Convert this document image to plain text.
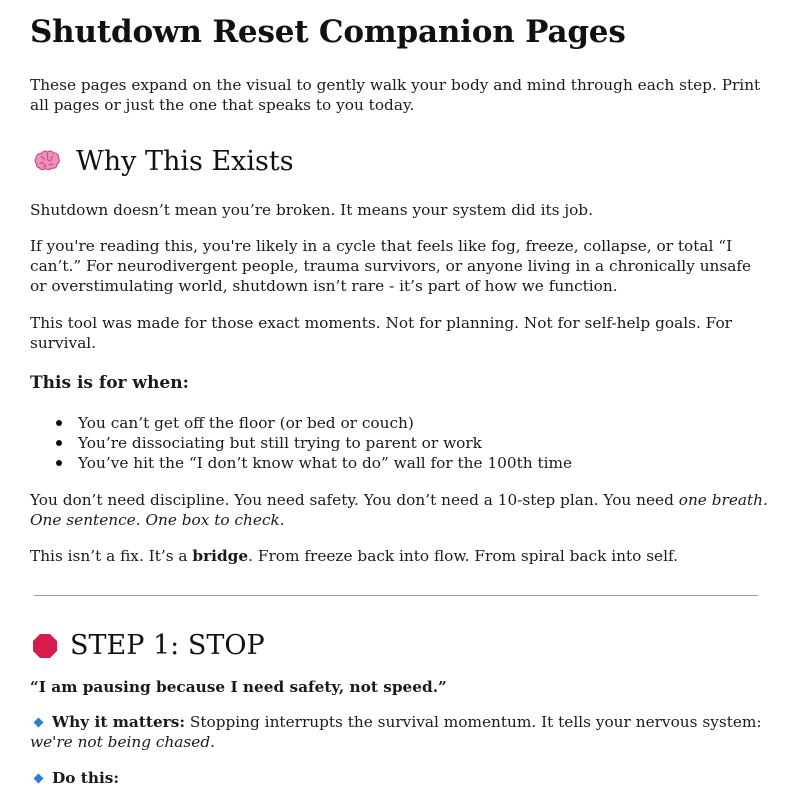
Shutdown Reset Companion Pages

These pages expand on the visual to gently walk your body and mind through each step. Print all pages or just the one that speaks to you today.

Why This Exists

Shutdown doesn’t mean you’re broken. It means your system did its job.

If you're reading this, you're likely in a cycle that feels like fog, freeze, collapse, or total “I can’t.” For neurodivergent people, trauma survivors, or anyone living in a chronically unsafe or overstimulating world, shutdown isn’t rare - it’s part of how we function.

This tool was made for those exact moments. Not for planning. Not for self-help goals. For survival.

This is for when:
You can’t get off the floor (or bed or couch)
You’re dissociating but still trying to parent or work
You’ve hit the “I don’t know what to do” wall for the 100th time

You don’t need discipline. You need safety. You don’t need a 10-step plan. You need one breath. One sentence. One box to check.

This isn’t a fix. It’s a bridge. From freeze back into flow. From spiral back into self.

STEP 1: STOP

“I am pausing because I need safety, not speed.”

Why it matters: Stopping interrupts the survival momentum. It tells your nervous system: we're not being chased.

Do this:
